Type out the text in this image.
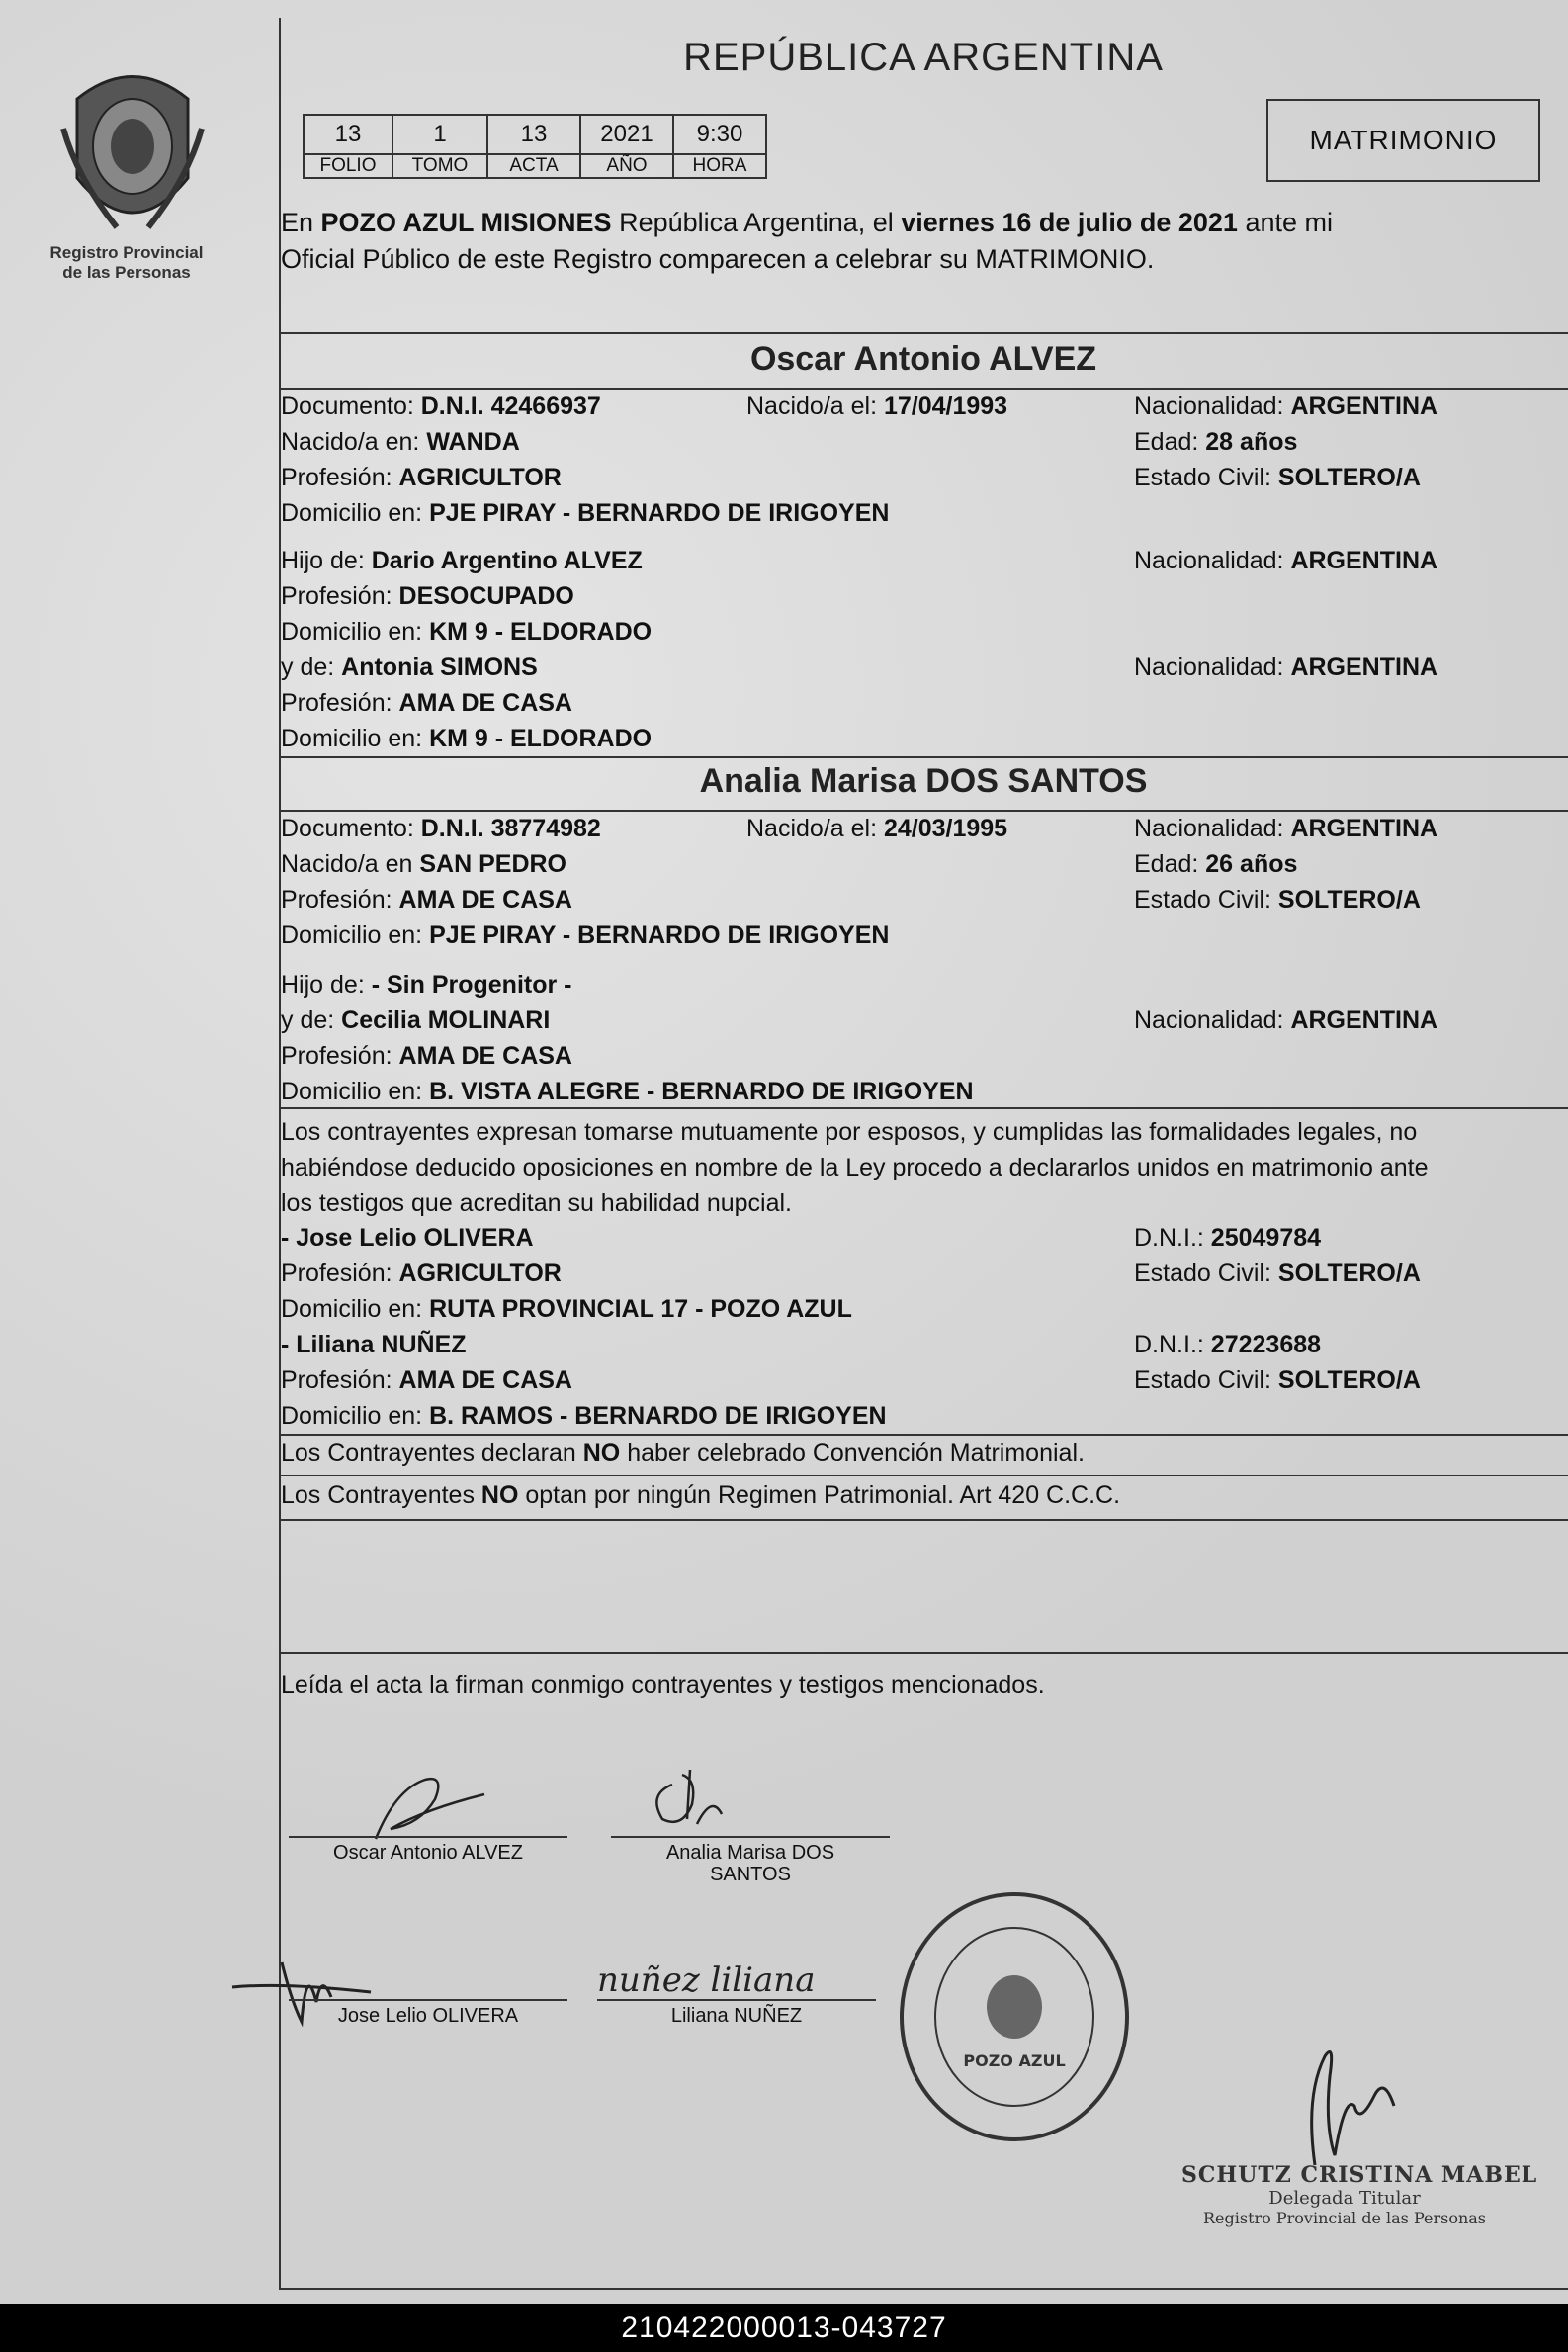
Registro Provincial
de las Personas
REPÚBLICA ARGENTINA
13	1	13	2021	9:30
FOLIO	TOMO	ACTA	AÑO	HORA
MATRIMONIO
En POZO AZUL MISIONES República Argentina, el viernes 16 de julio de 2021 ante mi
Oficial Público de este Registro comparecen a celebrar su MATRIMONIO.
Oscar Antonio ALVEZ
Documento: D.N.I. 42466937	Nacido/a el: 17/04/1993	Nacionalidad: ARGENTINA
Nacido/a en: WANDA	Edad: 28 años
Profesión: AGRICULTOR	Estado Civil: SOLTERO/A
Domicilio en: PJE PIRAY - BERNARDO DE IRIGOYEN
Hijo de: Dario Argentino ALVEZ	Nacionalidad: ARGENTINA
Profesión: DESOCUPADO
Domicilio en: KM 9 - ELDORADO
y de: Antonia SIMONS	Nacionalidad: ARGENTINA
Profesión: AMA DE CASA
Domicilio en: KM 9 - ELDORADO
Analia Marisa DOS SANTOS
Documento: D.N.I. 38774982	Nacido/a el: 24/03/1995	Nacionalidad: ARGENTINA
Nacido/a en SAN PEDRO	Edad: 26 años
Profesión: AMA DE CASA	Estado Civil: SOLTERO/A
Domicilio en: PJE PIRAY - BERNARDO DE IRIGOYEN
Hijo de: - Sin Progenitor -
y de: Cecilia MOLINARI	Nacionalidad: ARGENTINA
Profesión: AMA DE CASA
Domicilio en: B. VISTA ALEGRE - BERNARDO DE IRIGOYEN
Los contrayentes expresan tomarse mutuamente por esposos, y cumplidas las formalidades legales, no
habiéndose deducido oposiciones en nombre de la Ley procedo a declararlos unidos en matrimonio ante
los testigos que acreditan su habilidad nupcial.
- Jose Lelio OLIVERA	D.N.I.: 25049784
Profesión: AGRICULTOR	Estado Civil: SOLTERO/A
Domicilio en: RUTA PROVINCIAL 17 - POZO AZUL
- Liliana NUÑEZ	D.N.I.: 27223688
Profesión: AMA DE CASA	Estado Civil: SOLTERO/A
Domicilio en: B. RAMOS - BERNARDO DE IRIGOYEN
Los Contrayentes declaran NO haber celebrado Convención Matrimonial.
Los Contrayentes NO optan por ningún Regimen Patrimonial. Art 420 C.C.C.
Leída el acta la firman conmigo contrayentes y testigos mencionados.
Oscar Antonio ALVEZ	Analia Marisa DOS
SANTOS
Jose Lelio OLIVERA
nuñez liliana
Liliana NUÑEZ
POZO AZUL
SCHUTZ CRISTINA MABEL
Delegada Titular
Registro Provincial de las Personas
210422000013-043727
